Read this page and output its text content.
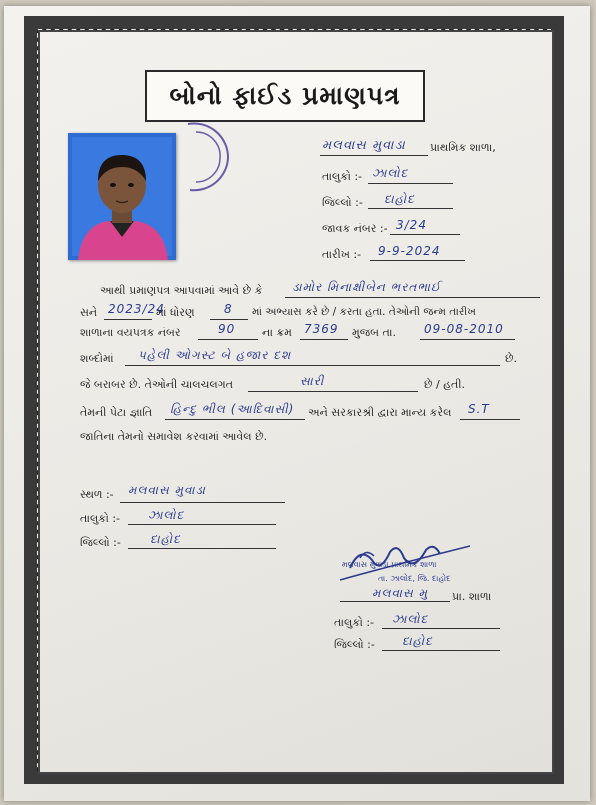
બોનો ફાઈડ પ્રમાણપત્ર
મલવાસ મુવાડા પ્રાથમિક શાળા,
તાલુકો :- ઝાલોદ
જિલ્લો :- દાહોદ
જાવક નંબર :- 3/24
તારીખ :- 9-9-2024
આથી પ્રમાણપત્ર આપવામાં આવે છે કે ડામોર મિનાક્ષીબેન ભરતભાઈ
સને 2023/24
માં ધોરણ 8 માં અભ્યાસ કરે છે / કરતા હતા. તેઓની જન્મ તારીખ
શાળાના વયપત્રક નંબર	90 ના ક્રમ 7369 મુજબ તા. 09-08-2010
શબ્દોમાં પહેલી ઓગસ્ટ બે હજાર દશ	છે.
જે બરાબર છે. તેઓની ચાલચલગત	સારી	છે / હતી.
તેમની પેટા જ્ઞાતિ હિન્દુ ભીલ (આદિવાસી) અને સરકારશ્રી દ્વારા માન્ય કરેલ S.T
જાતિના તેમનો સમાવેશ કરવામાં આવેલ છે.
સ્થળ :- મલવાસ મુવાડા
તાલુકો :- ઝાલોદ
જિલ્લો :- દાહોદ
મલવાસ મુવાડા પ્રાથમિક શાળા
તા. ઝાલોદ, જિ. દાહોદ
મલવાસ મુ પ્રા. શાળા
તાલુકો :- ઝાલોદ
જિલ્લો :- દાહોદ
